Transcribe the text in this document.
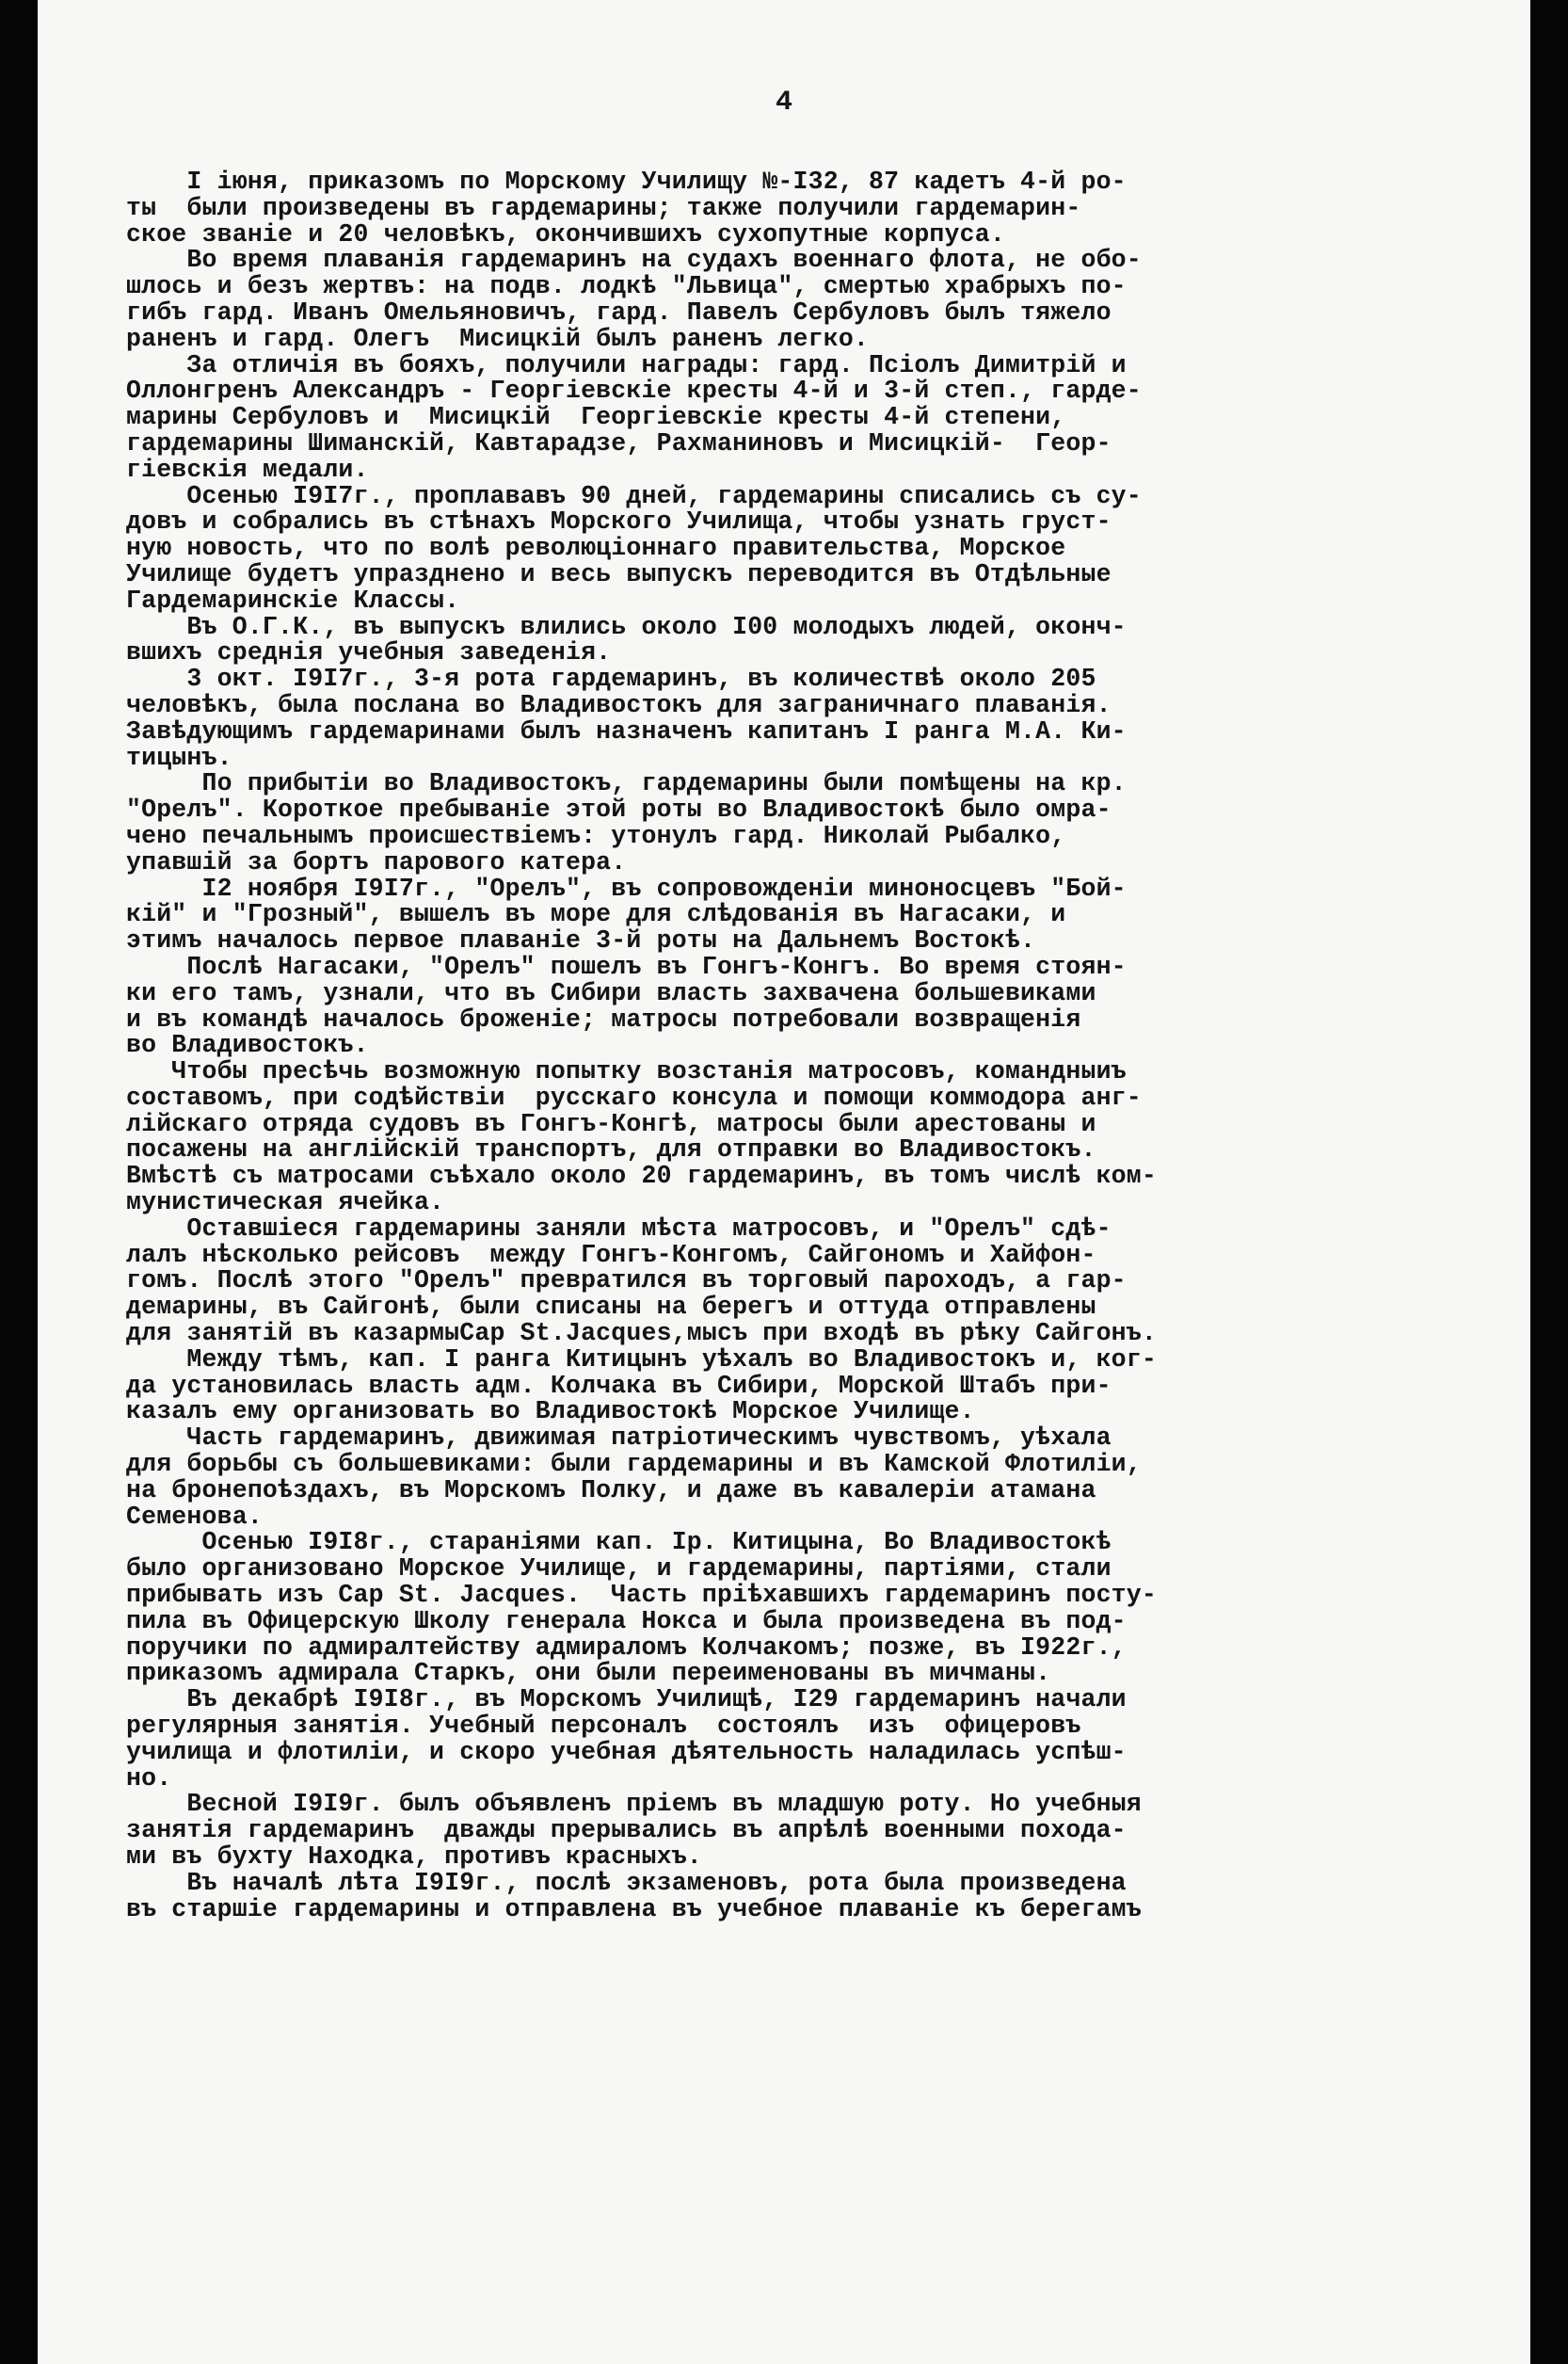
4
I іюня, приказомъ по Морскому Училищу №-I32, 87 кадетъ 4-й ро-
ты  были произведены въ гардемарины; также получили гардемарин-
ское званіе и 20 человѣкъ, окончившихъ сухопутные корпуса.
Во время плаванія гардемаринъ на судахъ военнаго флота, не обо-
шлось и безъ жертвъ: на подв. лодкѣ "Львица", смертью храбрыхъ по-
гибъ гард. Иванъ Омельяновичъ, гард. Павелъ Сербуловъ былъ тяжело
раненъ и гард. Олегъ  Мисицкій былъ раненъ легко.
За отличія въ бояхъ, получили награды: гард. Псіолъ Димитрій и
Оллонгренъ Александръ - Георгіевскіе кресты 4-й и 3-й степ., гарде-
марины Сербуловъ и  Мисицкій  Георгіевскіе кресты 4-й степени,
гардемарины Шиманскій, Кавтарадзе, Рахманиновъ и Мисицкій-  Геор-
гіевскія медали.
Осенью I9I7г., проплававъ 90 дней, гардемарины списались съ су-
довъ и собрались въ стѣнахъ Морского Училища, чтобы узнать груст-
ную новость, что по волѣ революціоннаго правительства, Морское
Училище будетъ упразднено и весь выпускъ переводится въ Отдѣльные
Гардемаринскіе Классы.
Въ О.Г.К., въ выпускъ влились около I00 молодыхъ людей, оконч-
вшихъ среднія учебныя заведенія.
3 окт. I9I7г., 3-я рота гардемаринъ, въ количествѣ около 205
человѣкъ, была послана во Владивостокъ для заграничнаго плаванія.
Завѣдующимъ гардемаринами былъ назначенъ капитанъ I ранга М.А. Ки-
тицынъ.
По прибытіи во Владивостокъ, гардемарины были помѣщены на кр.
"Орелъ". Короткое пребываніе этой роты во Владивостокѣ было омра-
чено печальнымъ происшествіемъ: утонулъ гард. Николай Рыбалко,
упавшій за бортъ парового катера.
I2 ноября I9I7г., "Орелъ", въ сопровожденіи миноносцевъ "Бой-
кій" и "Грозный", вышелъ въ море для слѣдованія въ Нагасаки, и
этимъ началось первое плаваніе 3-й роты на Дальнемъ Востокѣ.
Послѣ Нагасаки, "Орелъ" пошелъ въ Гонгъ-Конгъ. Во время стоян-
ки его тамъ, узнали, что въ Сибири власть захвачена большевиками
и въ командѣ началось броженіе; матросы потребовали возвращенія
во Владивостокъ.
Чтобы пресѣчь возможную попытку возстанія матросовъ, командныиъ
составомъ, при содѣйствіи  русскаго консула и помощи коммодора анг-
лійскаго отряда судовъ въ Гонгъ-Конгѣ, матросы были арестованы и
посажены на англійскій транспортъ, для отправки во Владивостокъ.
Вмѣстѣ съ матросами съѣхало около 20 гардемаринъ, въ томъ числѣ ком-
мунистическая ячейка.
Оставшіеся гардемарины заняли мѣста матросовъ, и "Орелъ" сдѣ-
лалъ нѣсколько рейсовъ  между Гонгъ-Конгомъ, Сайгономъ и Хайфон-
гомъ. Послѣ этого "Орелъ" превратился въ торговый пароходъ, а гар-
демарины, въ Сайгонѣ, были списаны на берегъ и оттуда отправлены
для занятій въ казармыCap St.Jacques,мысъ при входѣ въ рѣку Сайгонъ.
Между тѣмъ, кап. I ранга Китицынъ уѣхалъ во Владивостокъ и, ког-
да установилась власть адм. Колчака въ Сибири, Морской Штабъ при-
казалъ ему организовать во Владивостокѣ Морское Училище.
Часть гардемаринъ, движимая патріотическимъ чувствомъ, уѣхала
для борьбы съ большевиками: были гардемарины и въ Камской Флотиліи,
на бронепоѣздахъ, въ Морскомъ Полку, и даже въ кавалеріи атамана
Семенова.
Осенью I9I8г., стараніями кап. Iр. Китицына, Во Владивостокѣ
было организовано Морское Училище, и гардемарины, партіями, стали
прибывать изъ Cap St. Jacques.  Часть пріѣхавшихъ гардемаринъ посту-
пила въ Офицерскую Школу генерала Нокса и была произведена въ под-
поручики по адмиралтейству адмираломъ Колчакомъ; позже, въ I922г.,
приказомъ адмирала Старкъ, они были переименованы въ мичманы.
Въ декабрѣ I9I8г., въ Морскомъ Училищѣ, I29 гардемаринъ начали
регулярныя занятія. Учебный персоналъ  состоялъ  изъ  офицеровъ
училища и флотиліи, и скоро учебная дѣятельность наладилась успѣш-
но.
Весной I9I9г. былъ объявленъ пріемъ въ младшую роту. Но учебныя
занятія гардемаринъ  дважды прерывались въ апрѣлѣ военными похода-
ми въ бухту Находка, противъ красныхъ.
Въ началѣ лѣта I9I9г., послѣ экзаменовъ, рота была произведена
въ старшіе гардемарины и отправлена въ учебное плаваніе къ берегамъ
